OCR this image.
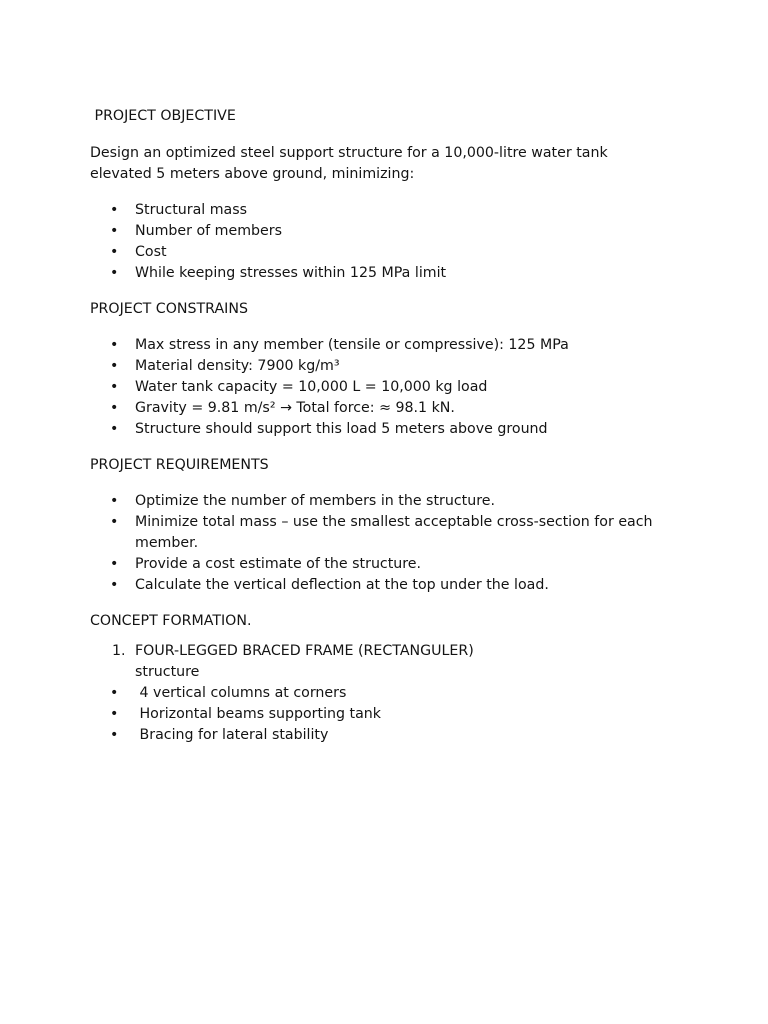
PROJECT OBJECTIVE

Design an optimized steel support structure for a 10,000-litre water tank elevated 5 meters above ground, minimizing:

•	Structural mass
•	Number of members
•	Cost
•	While keeping stresses within 125 MPa limit

PROJECT CONSTRAINS

•	Max stress in any member (tensile or compressive): 125 MPa
•	Material density: 7900 kg/m³
•	Water tank capacity = 10,000 L = 10,000 kg load
•	Gravity = 9.81 m/s² → Total force: ≈ 98.1 kN.
•	Structure should support this load 5 meters above ground

PROJECT REQUIREMENTS

•	Optimize the number of members in the structure.
•	Minimize total mass – use the smallest acceptable cross-section for each member.
•	Provide a cost estimate of the structure.
•	Calculate the vertical deflection at the top under the load.

CONCEPT FORMATION.

1. FOUR-LEGGED BRACED FRAME (RECTANGULER) structure
•	4 vertical columns at corners
•	Horizontal beams supporting tank
•	Bracing for lateral stability
